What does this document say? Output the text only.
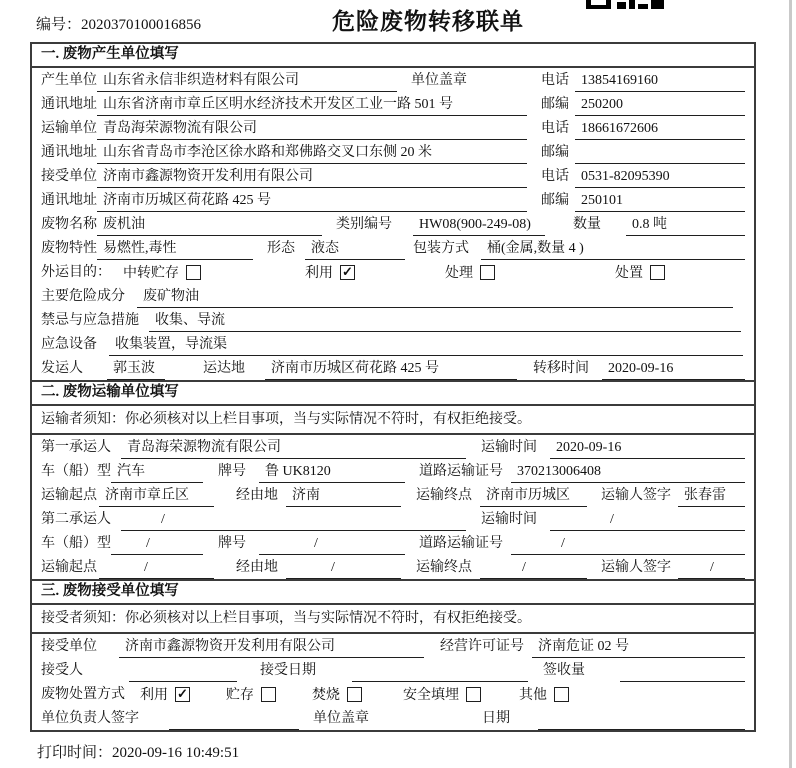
编号：2020370100016856	危险废物转移联单
一. 废物产生单位填写
产生单位 山东省永信非织造材料有限公司	单位盖章	电话 13854169160
通讯地址 山东省济南市章丘区明水经济技术开发区工业一路 501 号	邮编 250200
运输单位 青岛海荣源物流有限公司	电话 18661672606
通讯地址 山东省青岛市李沧区徐水路和郑佛路交叉口东侧 20 米	邮编
接受单位 济南市鑫源物资开发利用有限公司	电话 0531-82095390
通讯地址 济南市历城区荷花路 425 号	邮编 250101
废物名称 废机油	类别编号	HW08(900-249-08)	数量	0.8 吨
废物特性 易燃性,毒性	形态	液态	包装方式	桶(金属,数量 4 )
外运目的： 中转贮存	利用 ✓	处理	处置
主要危险成分	废矿物油
禁忌与应急措施	收集、导流
应急设备	收集装置，导流渠
发运人	郭玉波	运达地	济南市历城区荷花路 425 号	转移时间	2020-09-16
二. 废物运输单位填写
运输者须知：你必须核对以上栏目事项，当与实际情况不符时，有权拒绝接受。
第一承运人	青岛海荣源物流有限公司	运输时间	2020-09-16
车（船）型 汽车	牌号	鲁 UK8120	道路运输证号	370213006408
运输起点 济南市章丘区	经由地	济南	运输终点	济南市历城区	运输人签字 张春雷
第二承运人	/	运输时间	/
车（船）型	/	牌号	/	道路运输证号	/
运输起点	/	经由地	/	运输终点	/	运输人签字	/
三. 废物接受单位填写
接受者须知：你必须核对以上栏目事项，当与实际情况不符时，有权拒绝接受。
接受单位	济南市鑫源物资开发利用有限公司	经营许可证号	济南危证 02 号
接受人	接受日期	签收量
废物处置方式 利用 ✓	贮存	焚烧	安全填埋	其他
单位负责人签字	单位盖章	日期
打印时间：2020-09-16 10:49:51
